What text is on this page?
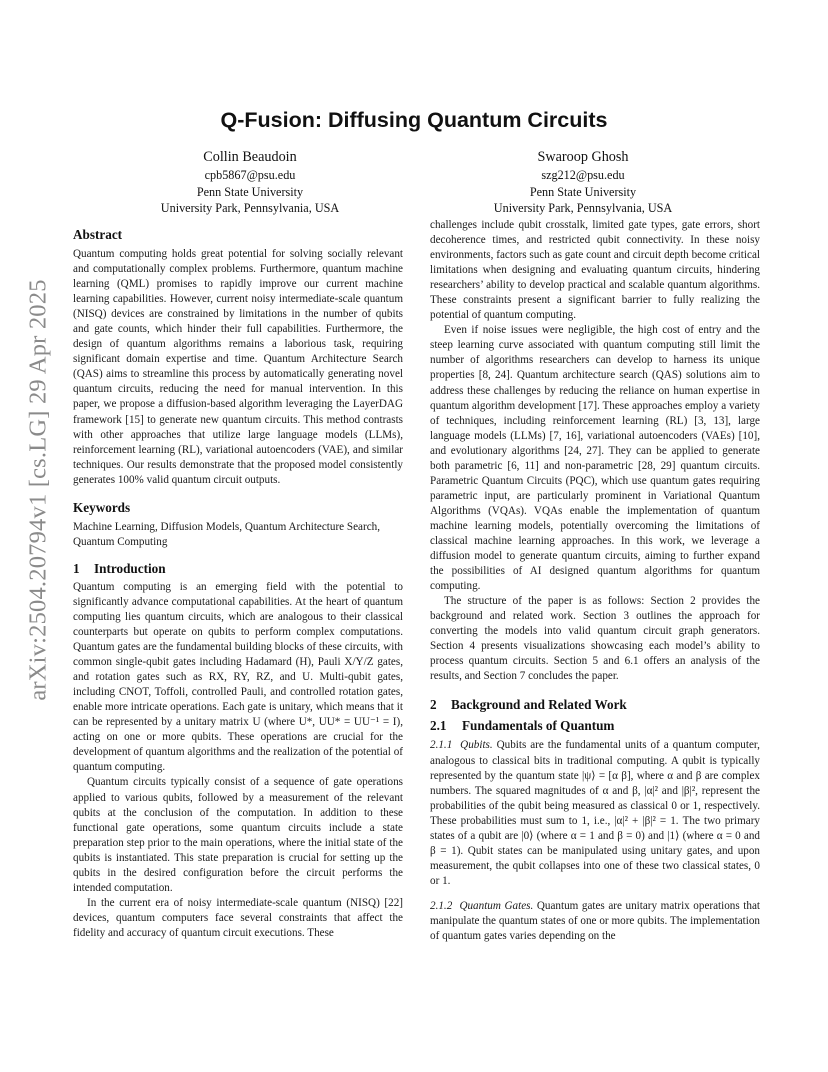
arXiv:2504.20794v1 [cs.LG] 29 Apr 2025
Q-Fusion: Diffusing Quantum Circuits
Collin Beaudoin
cpb5867@psu.edu
Penn State University
University Park, Pennsylvania, USA
Swaroop Ghosh
szg212@psu.edu
Penn State University
University Park, Pennsylvania, USA
Abstract

Quantum computing holds great potential for solving socially relevant and computationally complex problems. Furthermore, quantum machine learning (QML) promises to rapidly improve our current machine learning capabilities. However, current noisy intermediate-scale quantum (NISQ) devices are constrained by limitations in the number of qubits and gate counts, which hinder their full capabilities. Furthermore, the design of quantum algorithms remains a laborious task, requiring significant domain expertise and time. Quantum Architecture Search (QAS) aims to streamline this process by automatically generating novel quantum circuits, reducing the need for manual intervention. In this paper, we propose a diffusion-based algorithm leveraging the LayerDAG framework [15] to generate new quantum circuits. This method contrasts with other approaches that utilize large language models (LLMs), reinforcement learning (RL), variational autoencoders (VAE), and similar techniques. Our results demonstrate that the proposed model consistently generates 100% valid quantum circuit outputs.

Keywords

Machine Learning, Diffusion Models, Quantum Architecture Search, Quantum Computing

1 Introduction

Quantum computing is an emerging field with the potential to significantly advance computational capabilities. At the heart of quantum computing lies quantum circuits, which are analogous to their classical counterparts but operate on qubits to perform complex computations. Quantum gates are the fundamental building blocks of these circuits, with common single-qubit gates including Hadamard (H), Pauli X/Y/Z gates, and rotation gates such as RX, RY, RZ, and U. Multi-qubit gates, including CNOT, Toffoli, controlled Pauli, and controlled rotation gates, enable more intricate operations. Each gate is unitary, which means that it can be represented by a unitary matrix U (where U*, UU* = UU⁻¹ = I), acting on one or more qubits. These operations are crucial for the development of quantum algorithms and the realization of the potential of quantum computing.

Quantum circuits typically consist of a sequence of gate operations applied to various qubits, followed by a measurement of the relevant qubits at the conclusion of the computation. In addition to these functional gate operations, some quantum circuits include a state preparation step prior to the main operations, where the initial state of the qubits is instantiated. This state preparation is crucial for setting up the qubits in the desired configuration before the circuit performs the intended computation.

In the current era of noisy intermediate-scale quantum (NISQ) [22] devices, quantum computers face several constraints that affect the fidelity and accuracy of quantum circuit executions. These

challenges include qubit crosstalk, limited gate types, gate errors, short decoherence times, and restricted qubit connectivity. In these noisy environments, factors such as gate count and circuit depth become critical limitations when designing and evaluating quantum circuits, hindering researchers’ ability to develop practical and scalable quantum algorithms. These constraints present a significant barrier to fully realizing the potential of quantum computing.

Even if noise issues were negligible, the high cost of entry and the steep learning curve associated with quantum computing still limit the number of algorithms researchers can develop to harness its unique properties [8, 24]. Quantum architecture search (QAS) solutions aim to address these challenges by reducing the reliance on human expertise in quantum algorithm development [17]. These approaches employ a variety of techniques, including reinforcement learning (RL) [3, 13], large language models (LLMs) [7, 16], variational autoencoders (VAEs) [10], and evolutionary algorithms [24, 27]. They can be applied to generate both parametric [6, 11] and non-parametric [28, 29] quantum circuits. Parametric Quantum Circuits (PQC), which use quantum gates requiring parametric input, are particularly prominent in Variational Quantum Algorithms (VQAs). VQAs enable the implementation of quantum machine learning models, potentially overcoming the limitations of classical machine learning approaches. In this work, we leverage a diffusion model to generate quantum circuits, aiming to further expand the possibilities of AI designed quantum algorithms for quantum computing.

The structure of the paper is as follows: Section 2 provides the background and related work. Section 3 outlines the approach for converting the models into valid quantum circuit graph generators. Section 4 presents visualizations showcasing each model’s ability to process quantum circuits. Section 5 and 6.1 offers an analysis of the results, and Section 7 concludes the paper.

2 Background and Related Work
2.1 Fundamentals of Quantum

2.1.1 Qubits. Qubits are the fundamental units of a quantum computer, analogous to classical bits in traditional computing. A qubit is typically represented by the quantum state |ψ⟩ = [α β], where α and β are complex numbers. The squared magnitudes of α and β, |α|² and |β|², represent the probabilities of the qubit being measured as classical 0 or 1, respectively. These probabilities must sum to 1, i.e., |α|² + |β|² = 1. The two primary states of a qubit are |0⟩ (where α = 1 and β = 0) and |1⟩ (where α = 0 and β = 1). Qubit states can be manipulated using unitary gates, and upon measurement, the qubit collapses into one of these two classical states, 0 or 1.

2.1.2 Quantum Gates. Quantum gates are unitary matrix operations that manipulate the quantum states of one or more qubits. The implementation of quantum gates varies depending on the
